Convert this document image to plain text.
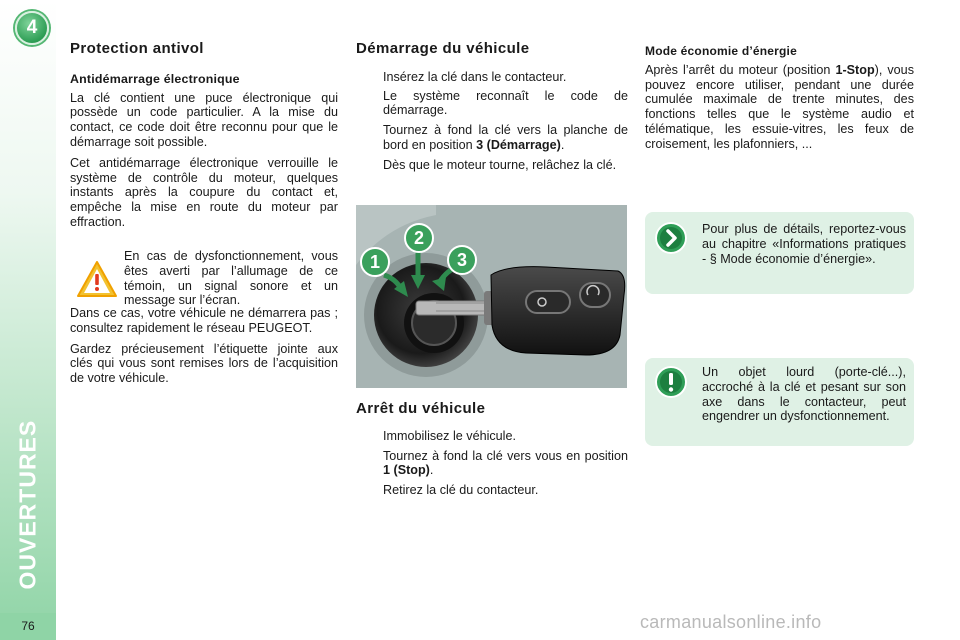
4
OUVERTURES
76
Protection antivol
Antidémarrage électronique

La clé contient une puce électronique qui possède un code particulier. A la mise du contact, ce code doit être reconnu pour que le démarrage soit possible.

Cet antidémarrage électronique verrouille le système de contrôle du moteur, quelques instants après la coupure du contact et, empêche la mise en route du moteur par effraction.

En cas de dysfonctionnement, vous êtes averti par l’allumage de ce témoin, un signal sonore et un message sur l’écran.

Dans ce cas, votre véhicule ne démarrera pas ; consultez rapidement le réseau PEUGEOT.

Gardez précieusement l’étiquette jointe aux clés qui vous sont remises lors de l’acquisition de votre véhicule.

Démarrage du véhicule
Insérez la clé dans le contacteur.
Le système reconnaît le code de démarrage.
Tournez à fond la clé vers la planche de bord en position 3 (Démarrage).
Dès que le moteur tourne, relâchez la clé.
1
2
3
Arrêt du véhicule
Immobilisez le véhicule.
Tournez à fond la clé vers vous en position 1 (Stop).
Retirez la clé du contacteur.
Mode économie d’énergie

Après l’arrêt du moteur (position 1-Stop), vous pouvez encore utiliser, pendant une durée cumulée maximale de trente minutes, des fonctions telles que le système audio et télématique, les essuie-vitres, les feux de croisement, les plafonniers, ...

Pour plus de détails, reportez-vous au chapitre «Informations pratiques - § Mode économie d’énergie».
Un objet lourd (porte-clé...), accroché à la clé et pesant sur son axe dans le contacteur, peut engendrer un dysfonctionnement.
carmanualsonline.info
